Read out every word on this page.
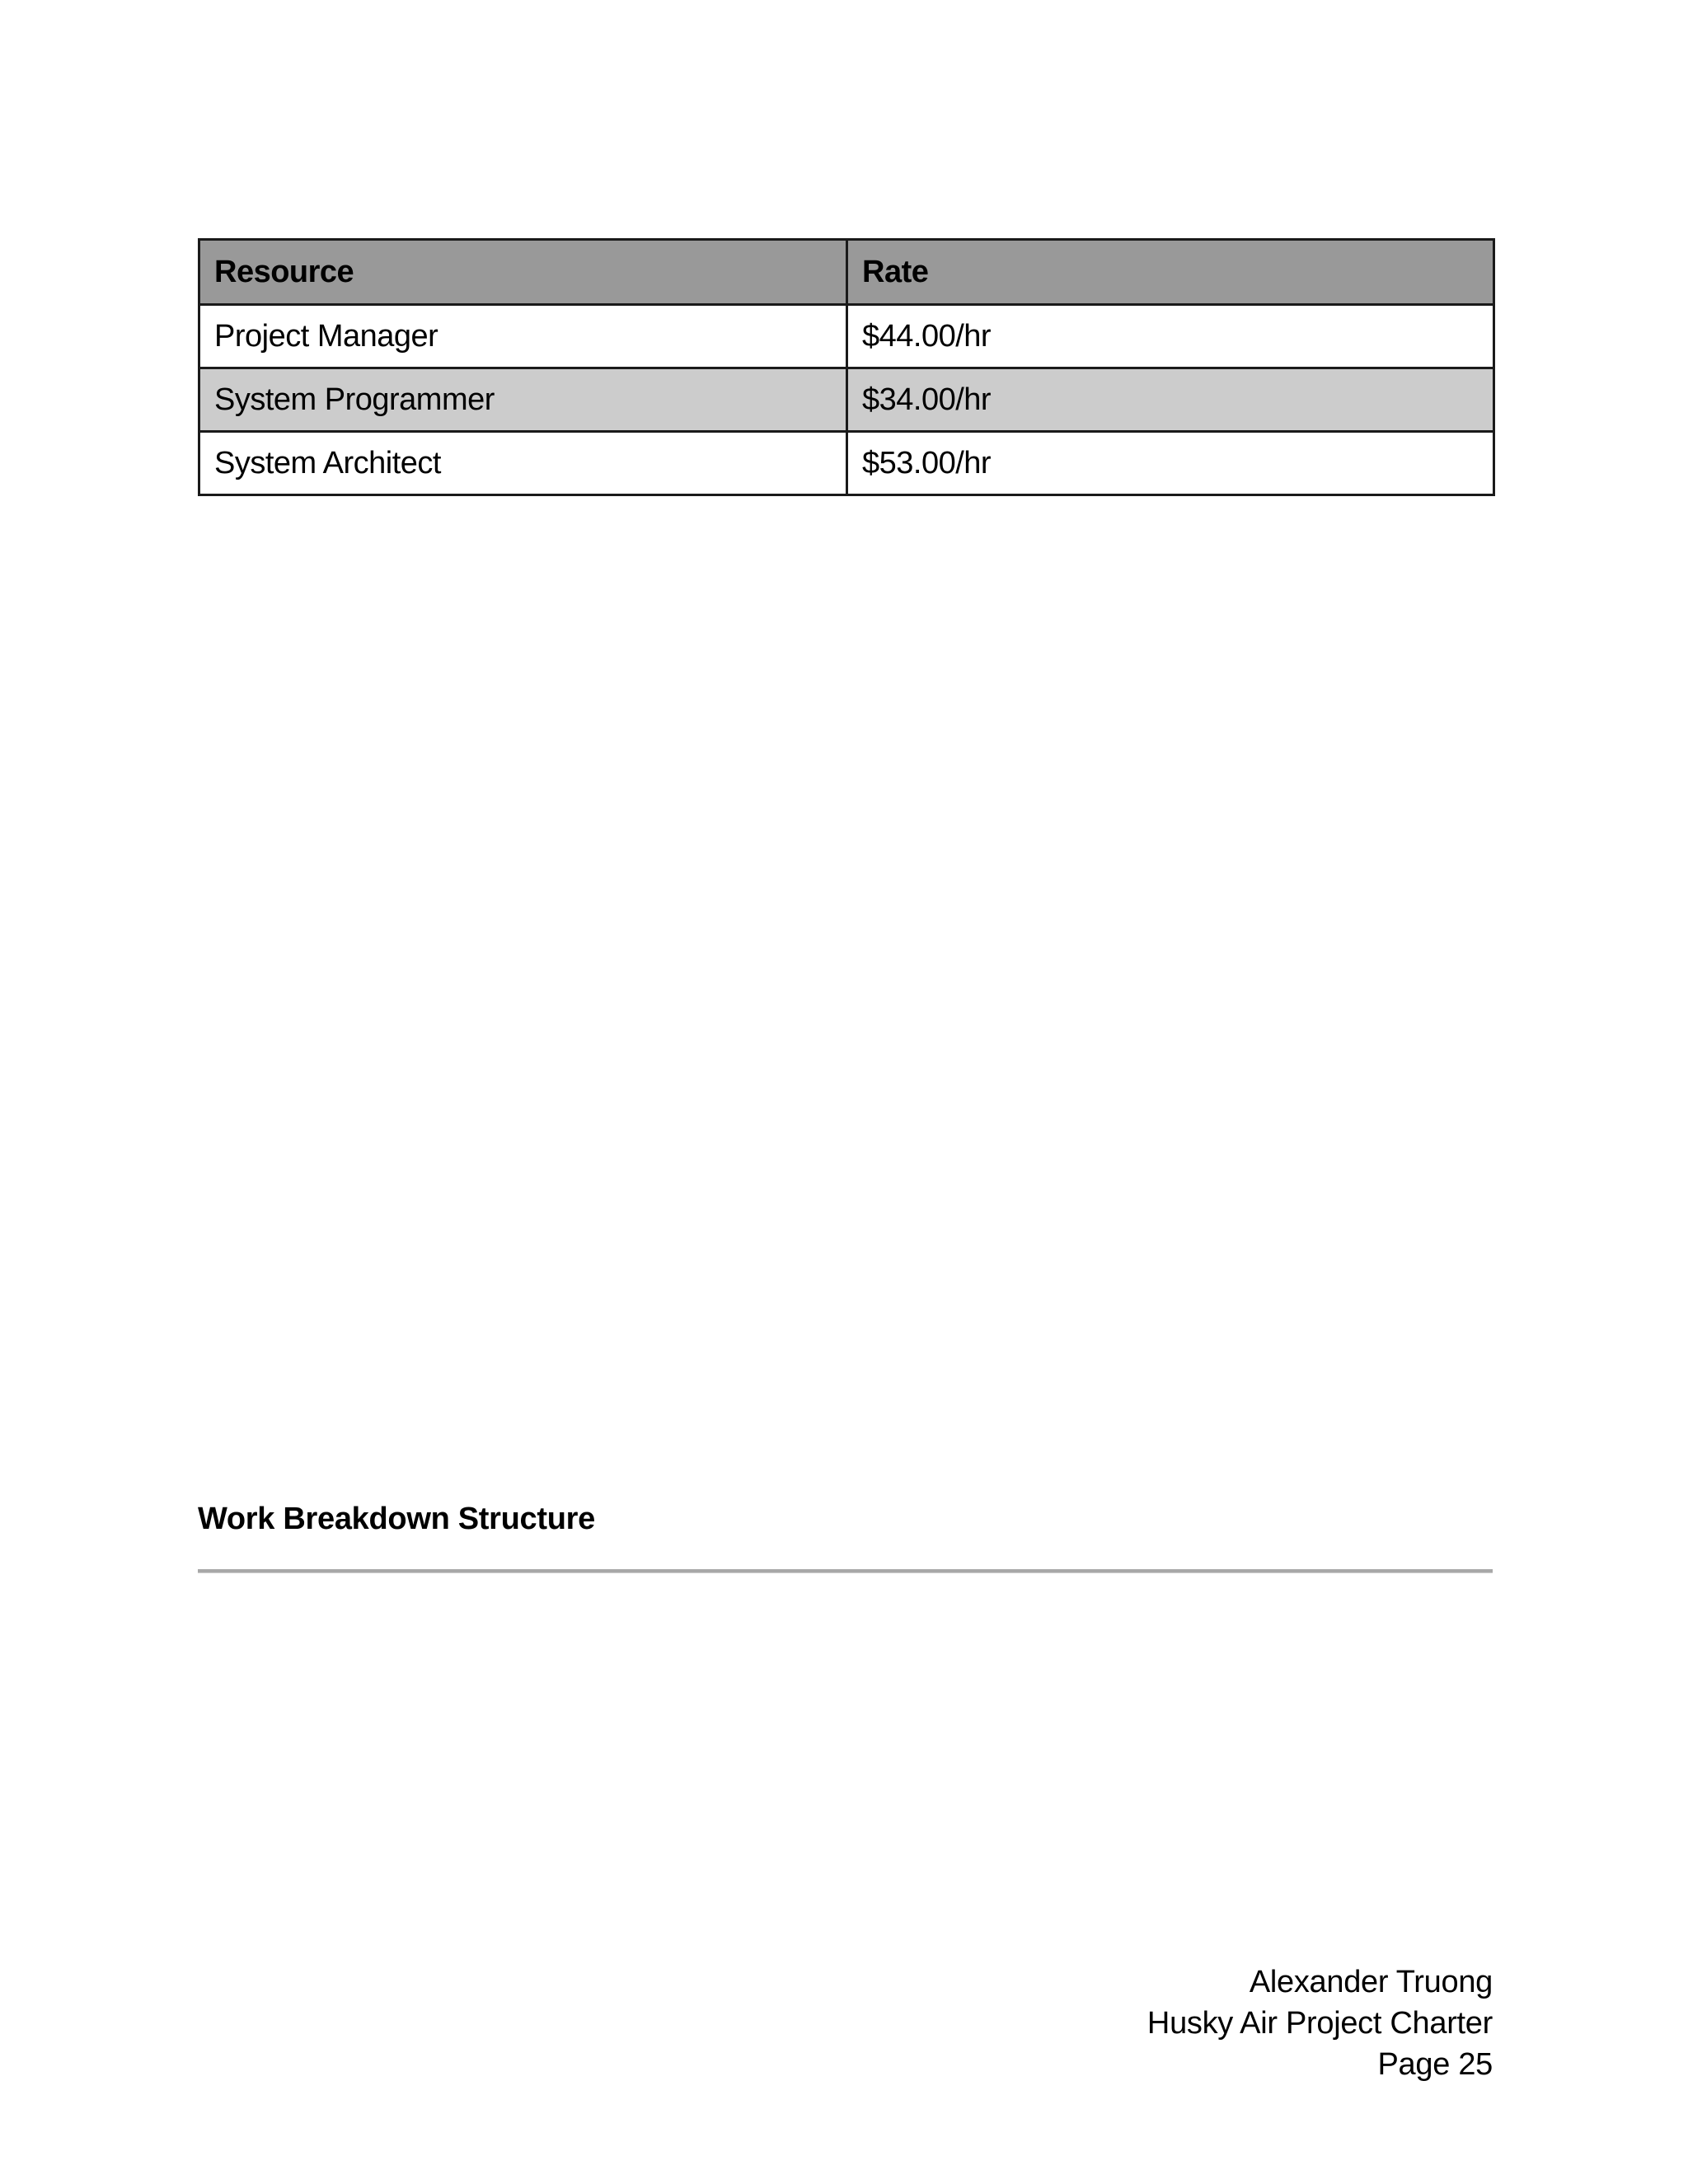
Resource	Rate
Project Manager	$44.00/hr
System Programmer	$34.00/hr
System Architect	$53.00/hr
Work Breakdown Structure
Alexander Truong
Husky Air Project Charter
Page 25
